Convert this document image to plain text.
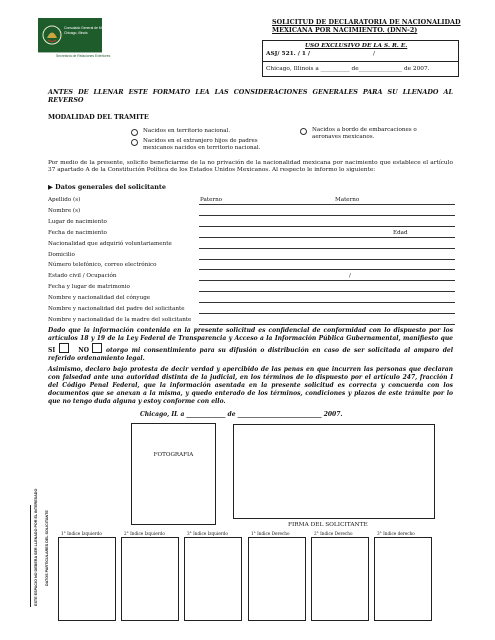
Consulado General de México
Chicago, Illinois
Secretaría de Relaciones Exteriores
SOLICITUD DE DECLARATORIA DE NACIONALIDAD
MEXICANA POR NACIMIENTO. (DNN-2)
USO EXCLUSIVO DE LA S. R. E.
ASJ/ 521. / 1 /	/
Chicago, Illinois a __________ de_______________ de 2007.
ANTES DE LLENAR ESTE FORMATO LEA LAS CONSIDERACIONES GENERALES PARA SU LLENADO AL REVERSO
MODALIDAD DEL TRAMITE
Nacidos en territorio nacional.
Nacidos en el extranjero hijos de padres mexicanos nacidos en territorio nacional.
Nacidos a bordo de embarcaciones o aeronaves mexicanos.
Por medio de la presente, solicito beneficiarme de la no privación de la nacionalidad mexicana por nacimiento que establece el artículo 37 apartado A de la Constitución Política de los Estados Unidos Mexicanos. Al respecto le informo lo siguiente:
▶ Datos generales del solicitante
Apellido (s)	Paterno	Materno
Nombre (s)
Lugar de nacimiento
Fecha de nacimiento	Edad
Nacionalidad que adquirió voluntariamente
Domicilio
Número telefónico, correo electrónico
Estado civil / Ocupación	/
Fecha y lugar de matrimonio
Nombre y nacionalidad del cónyuge
Nombre y nacionalidad del padre del solicitante
Nombre y nacionalidad de la madre del solicitante
Dado que la información contenida en la presente solicitud es confidencial de conformidad con lo dispuesto por los artículos 18 y 19 de la Ley Federal de Transparencia y Acceso a la Información Pública Gubernamental, manifiesto que SI	NO	otorgo mi consentimiento para su difusión o distribución en caso de ser solicitada al amparo del referido ordenamiento legal.
Asimismo, declaro bajo protesta de decir verdad y apercibido de las penas en que incurren las personas que declaran con falsedad ante una autoridad distinta de la judicial, en los términos de lo dispuesto por el artículo 247, fracción I del Código Penal Federal, que la información asentada en la presente solicitud es correcta y concuerda con los documentos que se anexan a la misma, y quedo enterado de los términos, condiciones y plazos de este trámite por lo que no tengo duda alguna y estoy conforme con ello.
Chicago, IL a _____________ de ____________________________ 2007.
FOTOGRAFIA
FIRMA DEL SOLICITANTE
ESTE ESPACIO NO DEBERA SER LLENADO POR EL INTERESADO DATOS PARTICULARES DEL SOLICITANTE	1° Indice Izquierdo	2° Indice Izquierdo	3° Indice Izquierdo	1° Indice Derecho	2° Indice Derecho	3° Indice derecho
